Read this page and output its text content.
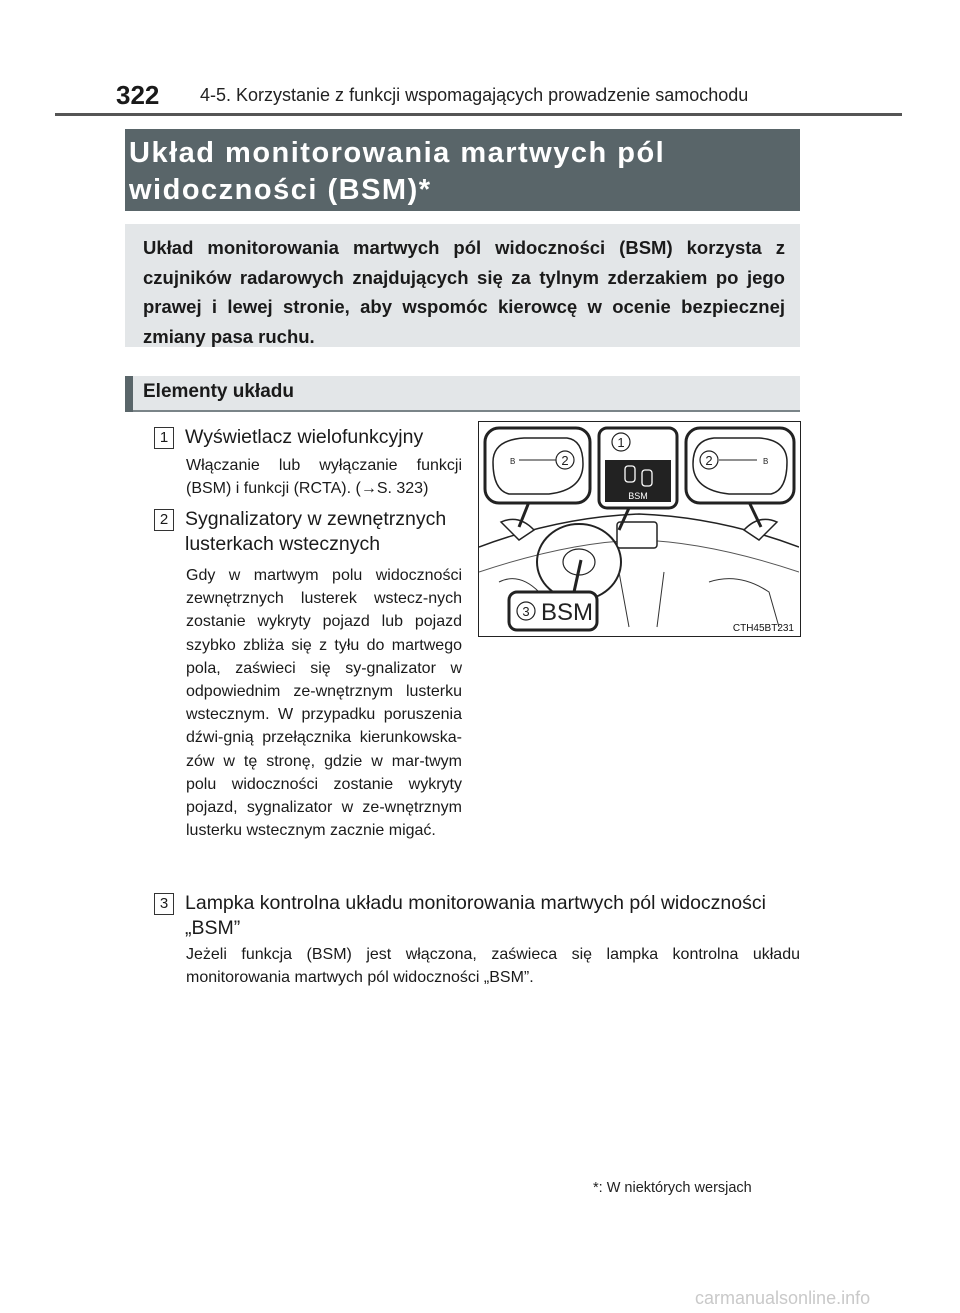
322 4-5. Korzystanie z funkcji wspomagających prowadzenie samochodu
Układ monitorowania martwych pól
widoczności (BSM)*
Układ monitorowania martwych pól widoczności (BSM) korzysta z czujników radarowych znajdujących się za tylnym zderzakiem po jego prawej i lewej stronie, aby wspomóc kierowcę w ocenie bezpiecznej zmiany pasa ruchu.
Elementy układu
1 Wyświetlacz wielofunkcyjny
Włączanie lub wyłączanie funkcji (BSM) i funkcji (RCTA). (→S. 323)
2 Sygnalizatory w zewnętrznych
lusterkach wstecznych
Gdy w martwym polu widoczności zewnętrznych lusterek wstecz-nych zostanie wykryty pojazd lub pojazd szybko zbliża się z tyłu do martwego pola, zaświeci się sy-gnalizator w odpowiednim ze-wnętrznym lusterku wstecznym. W przypadku poruszenia dźwi-gnią przełącznika kierunkowska-zów w tę stronę, gdzie w mar-twym polu widoczności zostanie wykryty pojazd, sygnalizator w ze-wnętrznym lusterku wstecznym zacznie migać.
3 Lampka kontrolna układu monitorowania martwych pól widoczności
„BSM”
Jeżeli funkcja (BSM) jest włączona, zaświeca się lampka kontrolna układu monitorowania martwych pól widoczności „BSM”.
B	2
1
BSM
B
2
3 BSM
CTH45BT231
*: W niektórych wersjach
carmanualsonline.info
